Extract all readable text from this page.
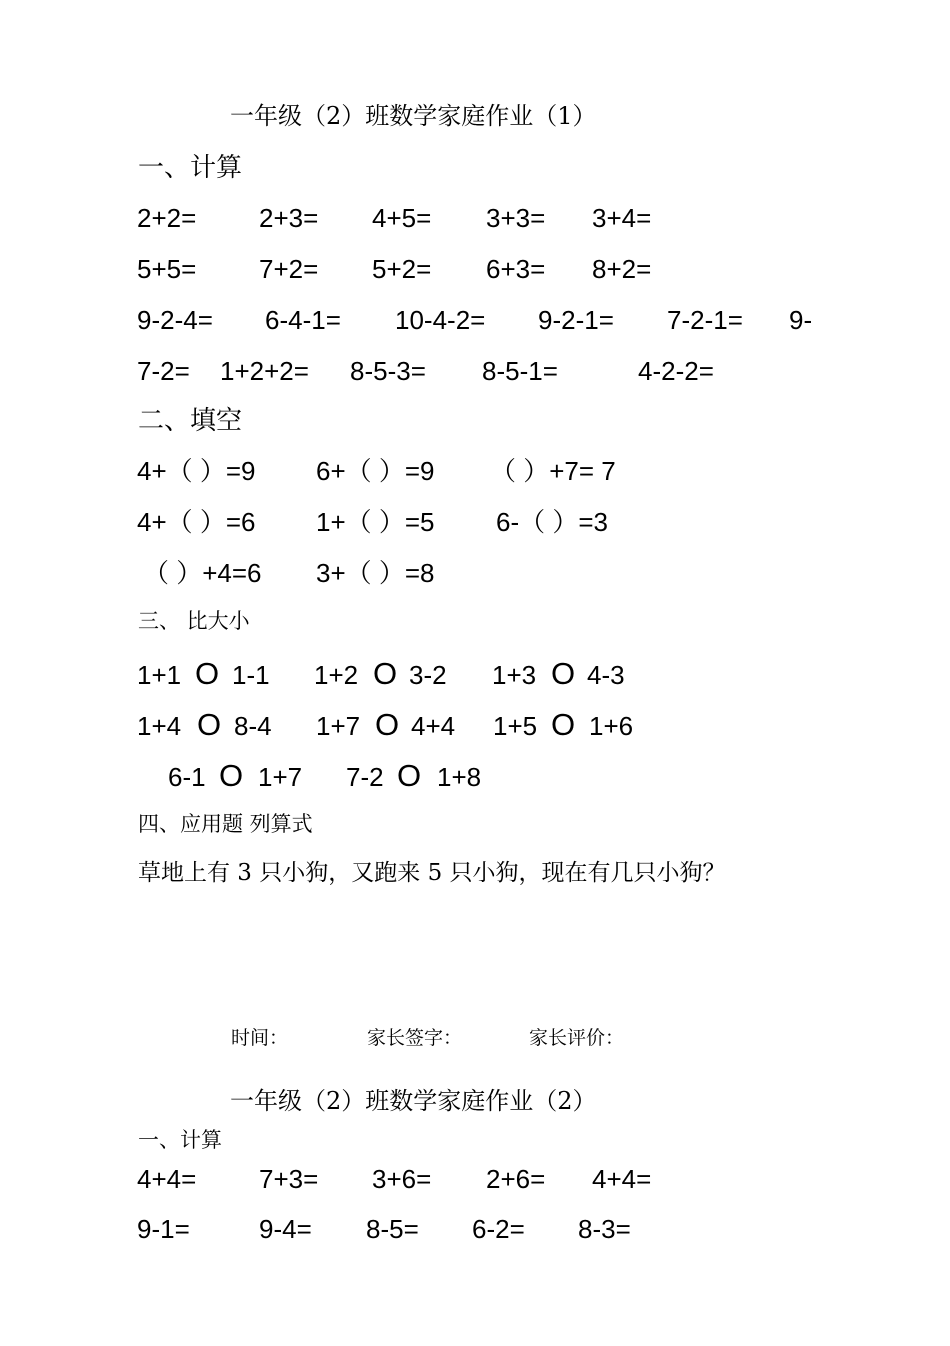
一年级（2）班数学家庭作业（1）
一、计算
2+2= 2+3= 4+5= 3+3= 3+4=
5+5= 7+2= 5+2= 6+3= 8+2=
9-2-4= 6-4-1= 10-4-2= 9-2-1= 7-2-1= 9-
7-2= 1+2+2= 8-5-3= 8-5-1=	4-2-2=
二、填空
4+（ ）=9 6+（ ）=9 （ ）+7= 7
4+（ ）=6 1+（ ）=5 6-（ ）=3
（ ）+4=6 3+（ ）=8
三、 比大小
1+1 O 1-1 1+2 O 3-2 1+3 O 4-3
1+4 O 8-4 1+7 O 4+4 1+5 O 1+6
6-1 O 1+7 7-2 O 1+8
四、应用题 列算式
草地上有 3 只小狗，又跑来 5 只小狗，现在有几只小狗？
时间：	家长签字：	家长评价：
一年级（2）班数学家庭作业（2）
一、计算
4+4= 7+3= 3+6= 2+6= 4+4=
9-1=	9-4= 8-5= 6-2= 8-3=
